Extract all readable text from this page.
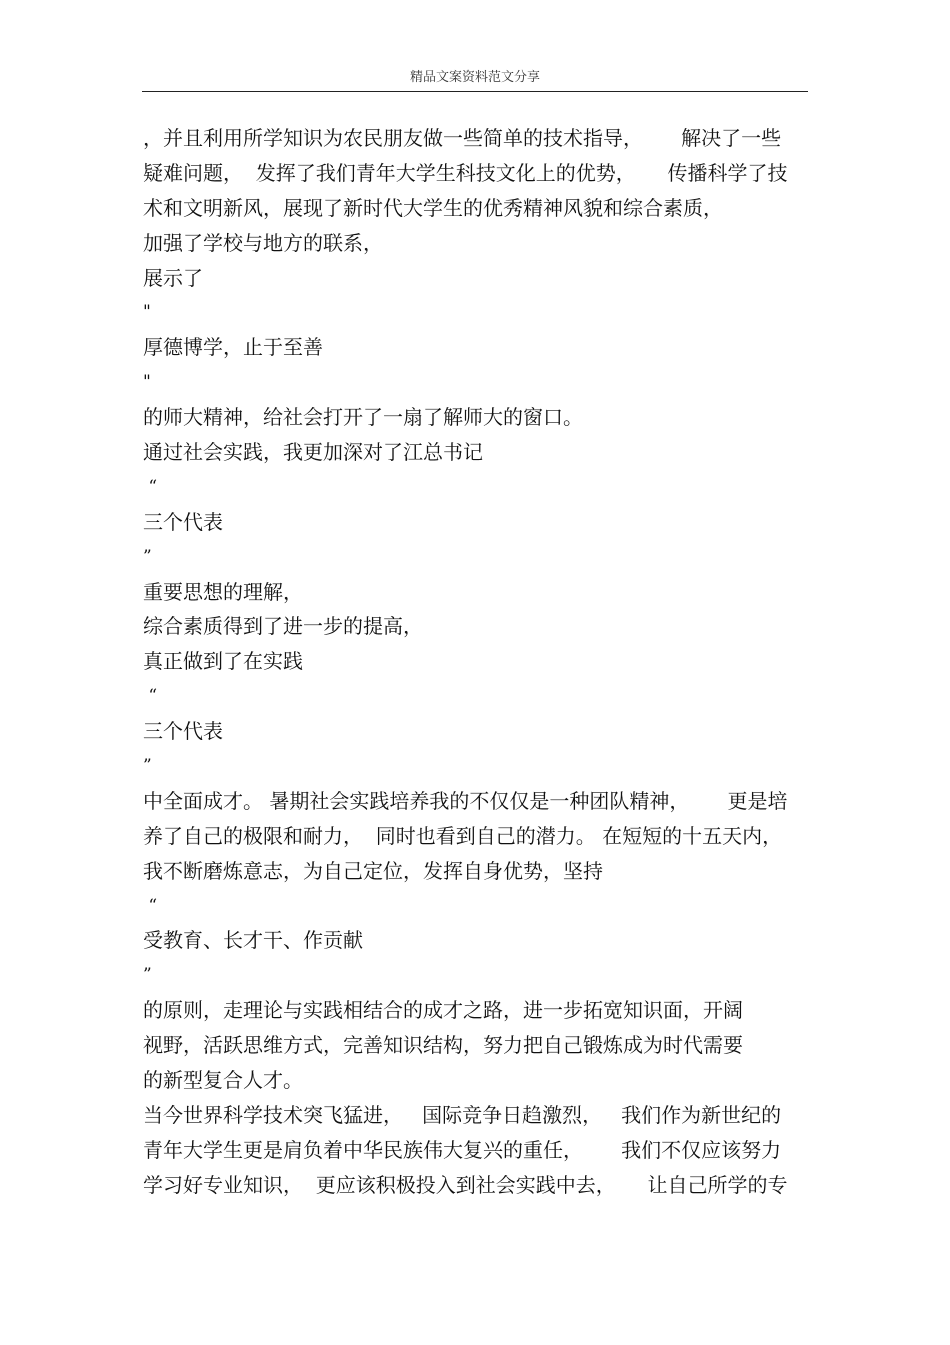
精品文案资料范文分享
，并且利用所学知识为农民朋友做一些简单的技术指导，      解决了一些
疑难问题，  发挥了我们青年大学生科技文化上的优势，     传播科学了技
术和文明新风，展现了新时代大学生的优秀精神风貌和综合素质，
加强了学校与地方的联系，
展示了
"
厚德博学，止于至善
"
的师大精神，给社会打开了一扇了解师大的窗口。
通过社会实践，我更加深对了江总书记
“
三个代表
”
重要思想的理解，
综合素质得到了进一步的提高，
真正做到了在实践
“
三个代表
”
中全面成才。 暑期社会实践培养我的不仅仅是一种团队精神，      更是培
养了自己的极限和耐力，  同时也看到自己的潜力。 在短短的十五天内，
我不断磨炼意志，为自己定位，发挥自身优势，坚持
“
受教育、长才干、作贡献
”
的原则，走理论与实践相结合的成才之路，进一步拓宽知识面，开阔
视野，活跃思维方式，完善知识结构，努力把自己锻炼成为时代需要
的新型复合人才。
当今世界科学技术突飞猛进，   国际竞争日趋激烈，   我们作为新世纪的
青年大学生更是肩负着中华民族伟大复兴的重任，      我们不仅应该努力
学习好专业知识，  更应该积极投入到社会实践中去，     让自己所学的专
